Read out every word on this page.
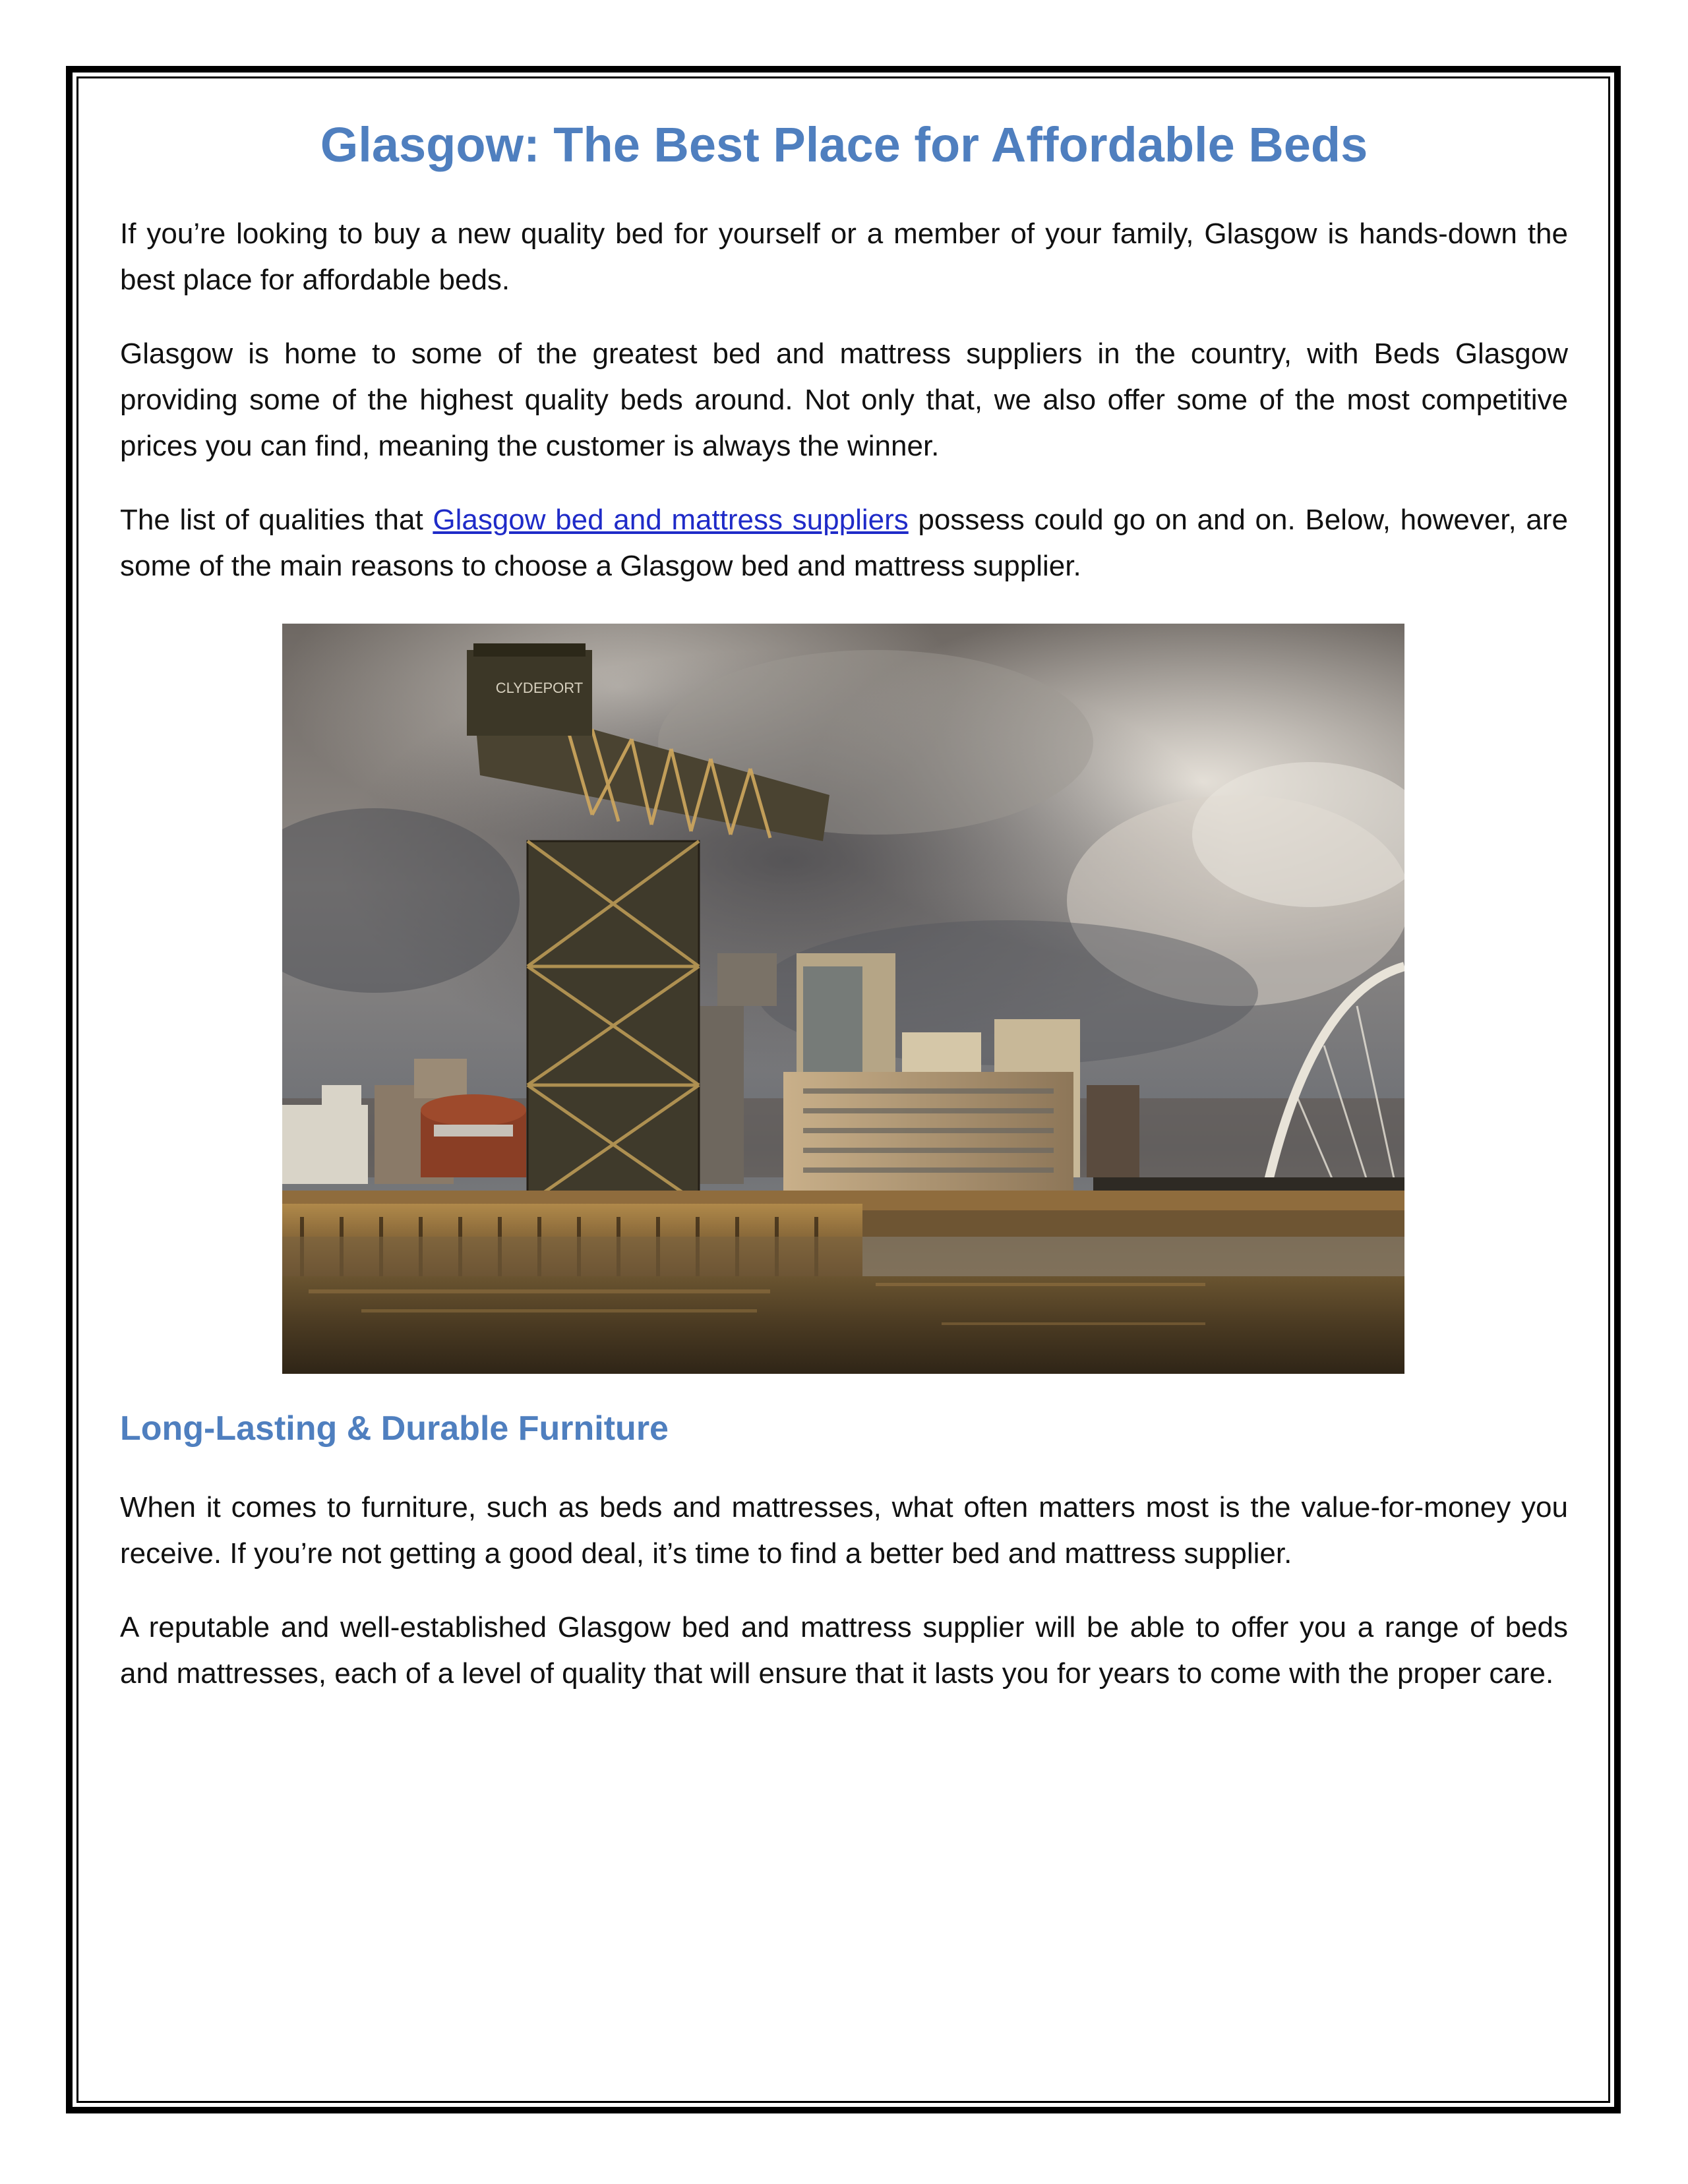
Glasgow: The Best Place for Affordable Beds

If you’re looking to buy a new quality bed for yourself or a member of your family, Glasgow is hands-down the best place for affordable beds.

Glasgow is home to some of the greatest bed and mattress suppliers in the country, with Beds Glasgow providing some of the highest quality beds around. Not only that, we also offer some of the most competitive prices you can find, meaning the customer is always the winner.

The list of qualities that Glasgow bed and mattress suppliers possess could go on and on. Below, however, are some of the main reasons to choose a Glasgow bed and mattress supplier.

CLYDEPORT
Long-Lasting & Durable Furniture

When it comes to furniture, such as beds and mattresses, what often matters most is the value-for-money you receive. If you’re not getting a good deal, it’s time to find a better bed and mattress supplier.

A reputable and well-established Glasgow bed and mattress supplier will be able to offer you a range of beds and mattresses, each of a level of quality that will ensure that it lasts you for years to come with the proper care.
